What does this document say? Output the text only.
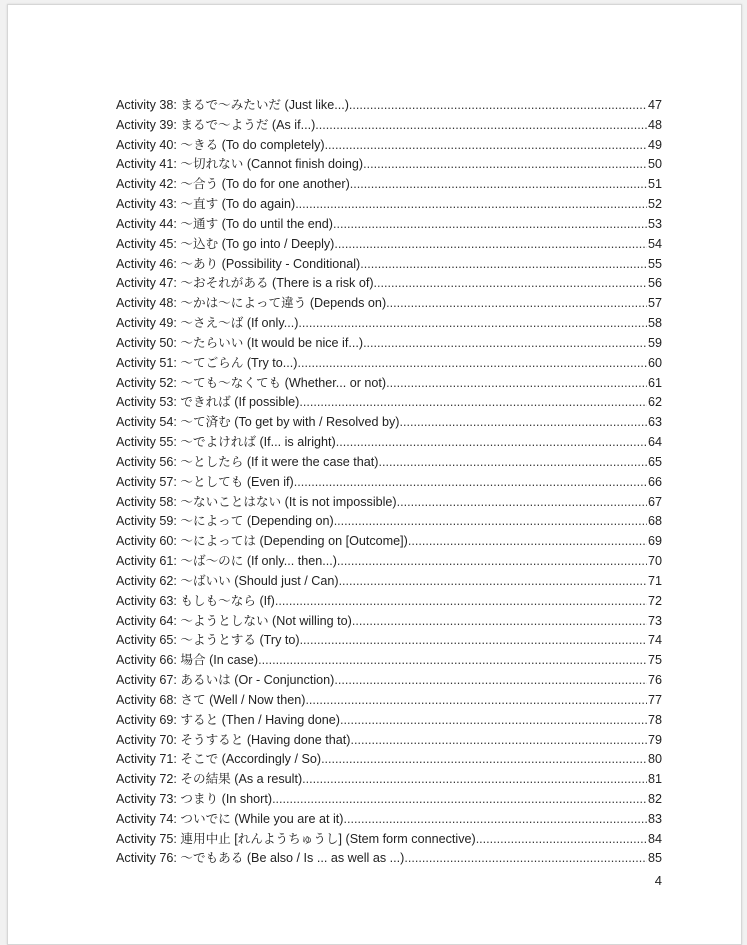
Activity 38: まるで～みたいだ (Just like...) .....	47
Activity 39: まるで～ようだ (As if...) .....	48
Activity 40: ～きる (To do completely) .....	49
Activity 41: ～切れない (Cannot finish doing) .....	50
Activity 42: ～合う (To do for one another) .....	51
Activity 43: ～直す (To do again) .....	52
Activity 44: ～通す (To do until the end) .....	53
Activity 45: ～込む (To go into / Deeply) .....	54
Activity 46: ～あり (Possibility - Conditional) .....	55
Activity 47: ～おそれがある (There is a risk of) .....	56
Activity 48: ～かは～によって違う (Depends on) .....	57
Activity 49: ～さえ～ば (If only...) .....	58
Activity 50: ～たらいい (It would be nice if...) .....	59
Activity 51: ～てごらん (Try to...) .....	60
Activity 52: ～ても～なくても (Whether... or not) .....	61
Activity 53: できれば (If possible) .....	62
Activity 54: ～て済む (To get by with / Resolved by) .....	63
Activity 55: ～でよければ (If... is alright) .....	64
Activity 56: ～としたら (If it were the case that) .....	65
Activity 57: ～としても (Even if) .....	66
Activity 58: ～ないことはない (It is not impossible) .....	67
Activity 59: ～によって (Depending on) .....	68
Activity 60: ～によっては (Depending on [Outcome]) .....	69
Activity 61: ～ば～のに (If only... then...) .....	70
Activity 62: ～ばいい (Should just / Can) .....	71
Activity 63: もしも～なら (If) .....	72
Activity 64: ～ようとしない (Not willing to) .....	73
Activity 65: ～ようとする (Try to) .....	74
Activity 66: 場合 (In case) .....	75
Activity 67: あるいは (Or - Conjunction) .....	76
Activity 68: さて (Well / Now then) .....	77
Activity 69: すると (Then / Having done) .....	78
Activity 70: そうすると (Having done that) .....	79
Activity 71: そこで (Accordingly / So) .....	80
Activity 72: その結果 (As a result) .....	81
Activity 73: つまり (In short) .....	82
Activity 74: ついでに (While you are at it) .....	83
Activity 75: 連用中止 [れんようちゅうし] (Stem form connective) .....	84
Activity 76: ～でもある (Be also / Is ... as well as ...) .....	85
4
